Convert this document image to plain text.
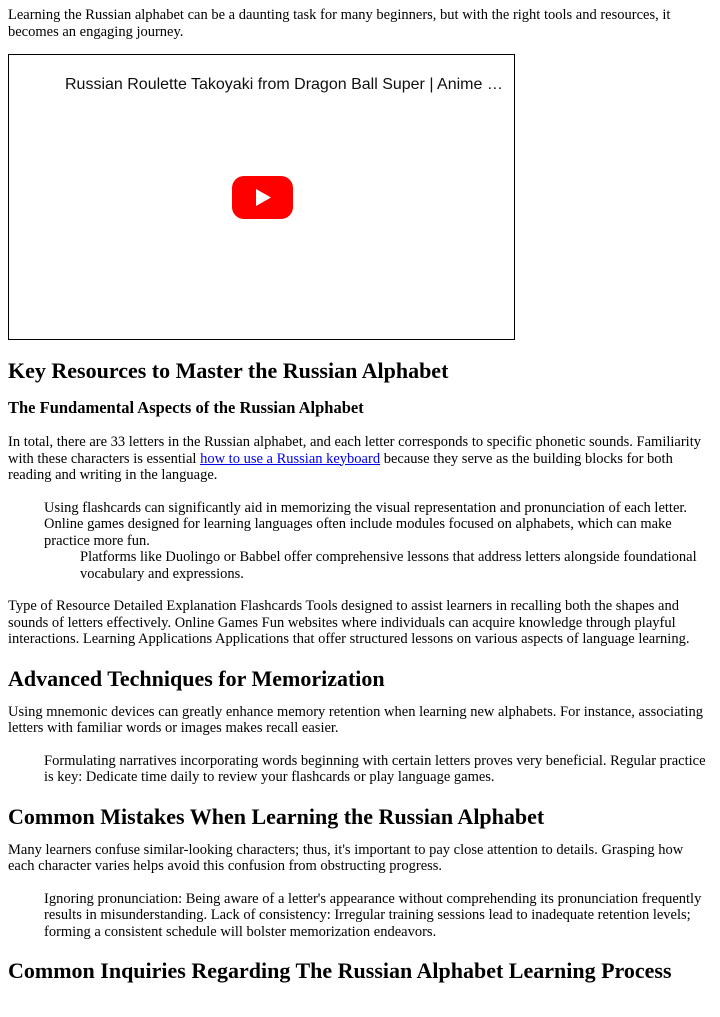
Learning the Russian alphabet can be a daunting task for many beginners, but with the right tools and resources, it becomes an engaging journey.

Russian Roulette Takoyaki from Dragon Ball Super | Anime …
Key Resources to Master the Russian Alphabet
The Fundamental Aspects of the Russian Alphabet

In total, there are 33 letters in the Russian alphabet, and each letter corresponds to specific phonetic sounds. Familiarity with these characters is essential how to use a Russian keyboard because they serve as the building blocks for both reading and writing in the language.

Using flashcards can significantly aid in memorizing the visual representation and pronunciation of each letter. Online games designed for learning languages often include modules focused on alphabets, which can make practice more fun.
Platforms like Duolingo or Babbel offer comprehensive lessons that address letters alongside foundational vocabulary and expressions.

Type of Resource Detailed Explanation Flashcards Tools designed to assist learners in recalling both the shapes and sounds of letters effectively. Online Games Fun websites where individuals can acquire knowledge through playful interactions. Learning Applications Applications that offer structured lessons on various aspects of language learning.

Advanced Techniques for Memorization

Using mnemonic devices can greatly enhance memory retention when learning new alphabets. For instance, associating letters with familiar words or images makes recall easier.

Formulating narratives incorporating words beginning with certain letters proves very beneficial. Regular practice is key: Dedicate time daily to review your flashcards or play language games.
Common Mistakes When Learning the Russian Alphabet

Many learners confuse similar-looking characters; thus, it's important to pay close attention to details. Grasping how each character varies helps avoid this confusion from obstructing progress.

Ignoring pronunciation: Being aware of a letter's appearance without comprehending its pronunciation frequently results in misunderstanding. Lack of consistency: Irregular training sessions lead to inadequate retention levels; forming a consistent schedule will bolster memorization endeavors.
Common Inquiries Regarding The Russian Alphabet Learning Process
